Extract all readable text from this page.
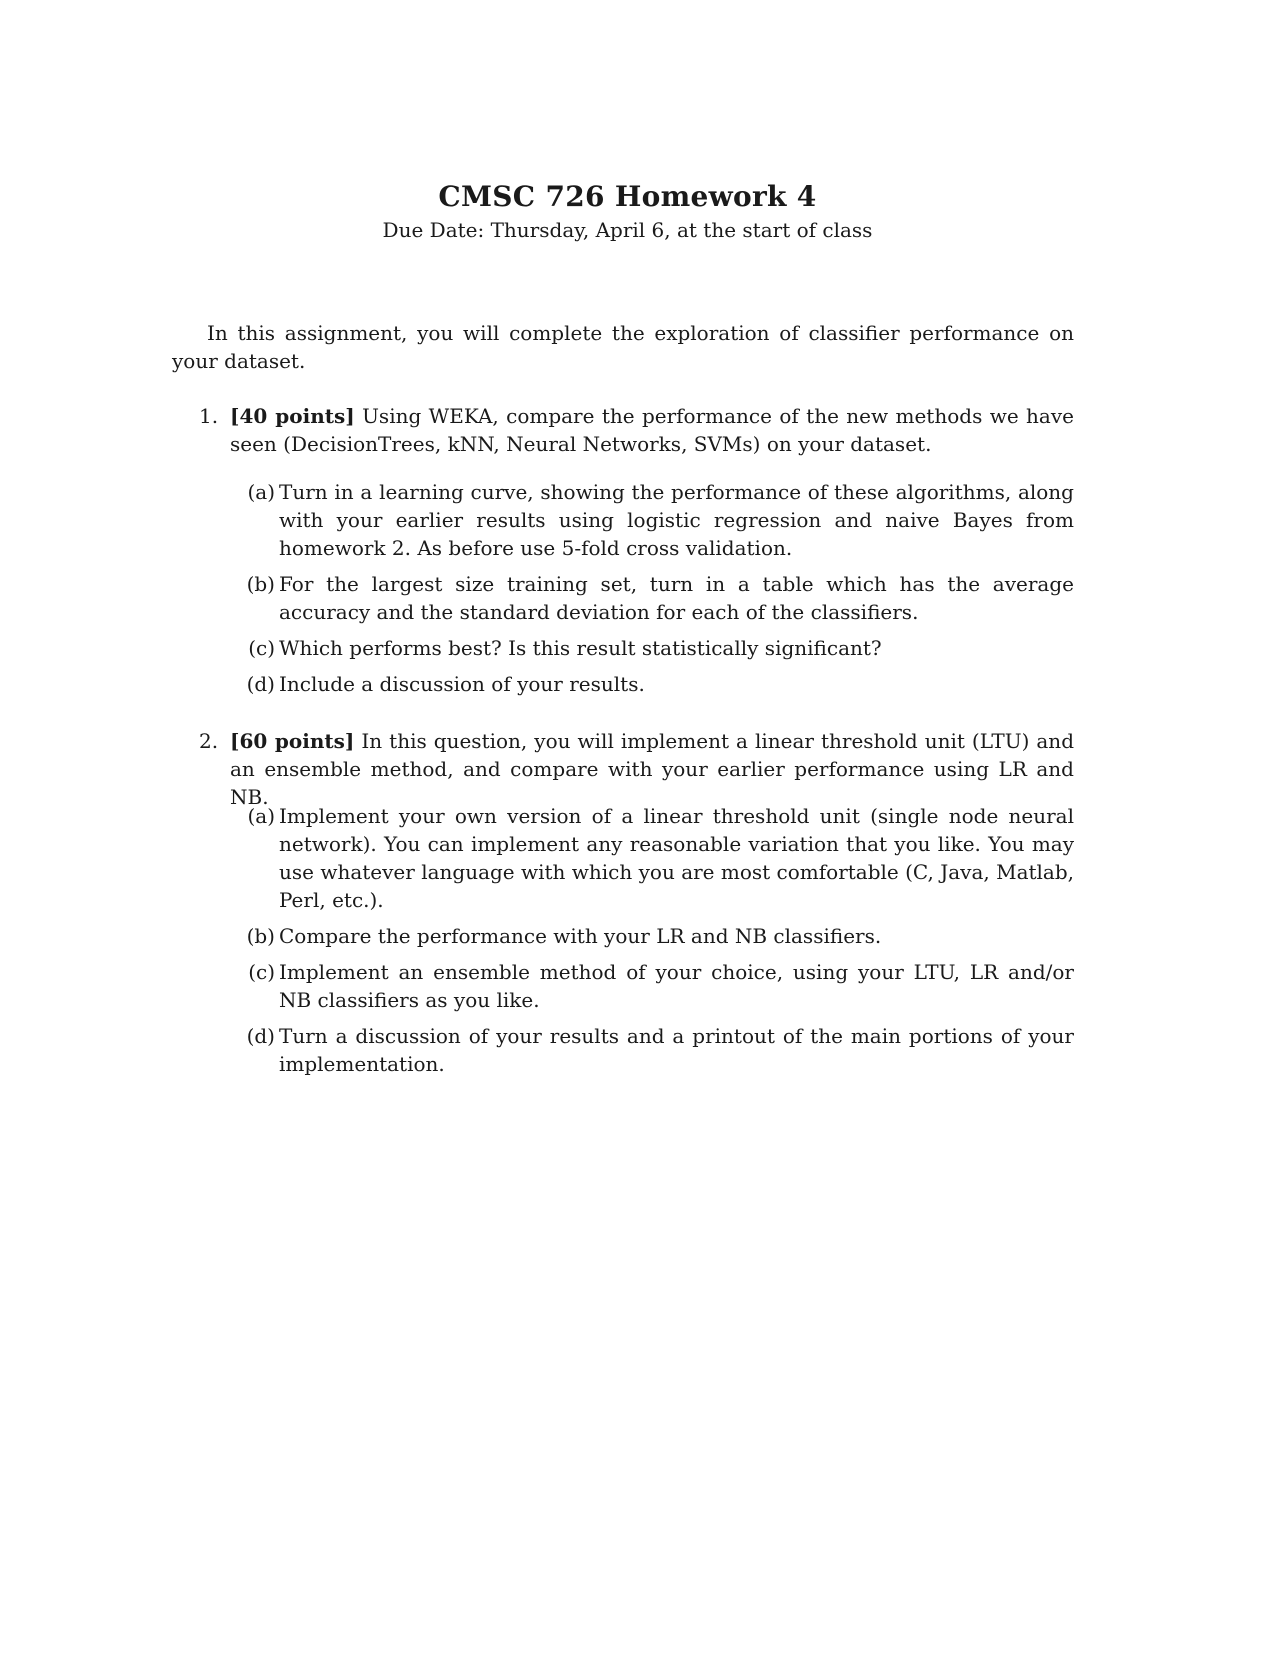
CMSC 726 Homework 4
Due Date: Thursday, April 6, at the start of class
In this assignment, you will complete the exploration of classifier performance on your dataset.
1. [40 points] Using WEKA, compare the performance of the new methods we have seen (DecisionTrees, kNN, Neural Networks, SVMs) on your dataset.
(a) Turn in a learning curve, showing the performance of these algorithms, along with your earlier results using logistic regression and naive Bayes from homework 2. As before use 5-fold cross validation.
(b) For the largest size training set, turn in a table which has the average accuracy and the standard deviation for each of the classifiers.
(c) Which performs best? Is this result statistically significant?
(d) Include a discussion of your results.
2. [60 points] In this question, you will implement a linear threshold unit (LTU) and an ensemble method, and compare with your earlier performance using LR and NB.
(a) Implement your own version of a linear threshold unit (single node neural network). You can implement any reasonable variation that you like. You may use whatever language with which you are most comfortable (C, Java, Matlab, Perl, etc.).
(b) Compare the performance with your LR and NB classifiers.
(c) Implement an ensemble method of your choice, using your LTU, LR and/or NB classifiers as you like.
(d) Turn a discussion of your results and a printout of the main portions of your implementation.
